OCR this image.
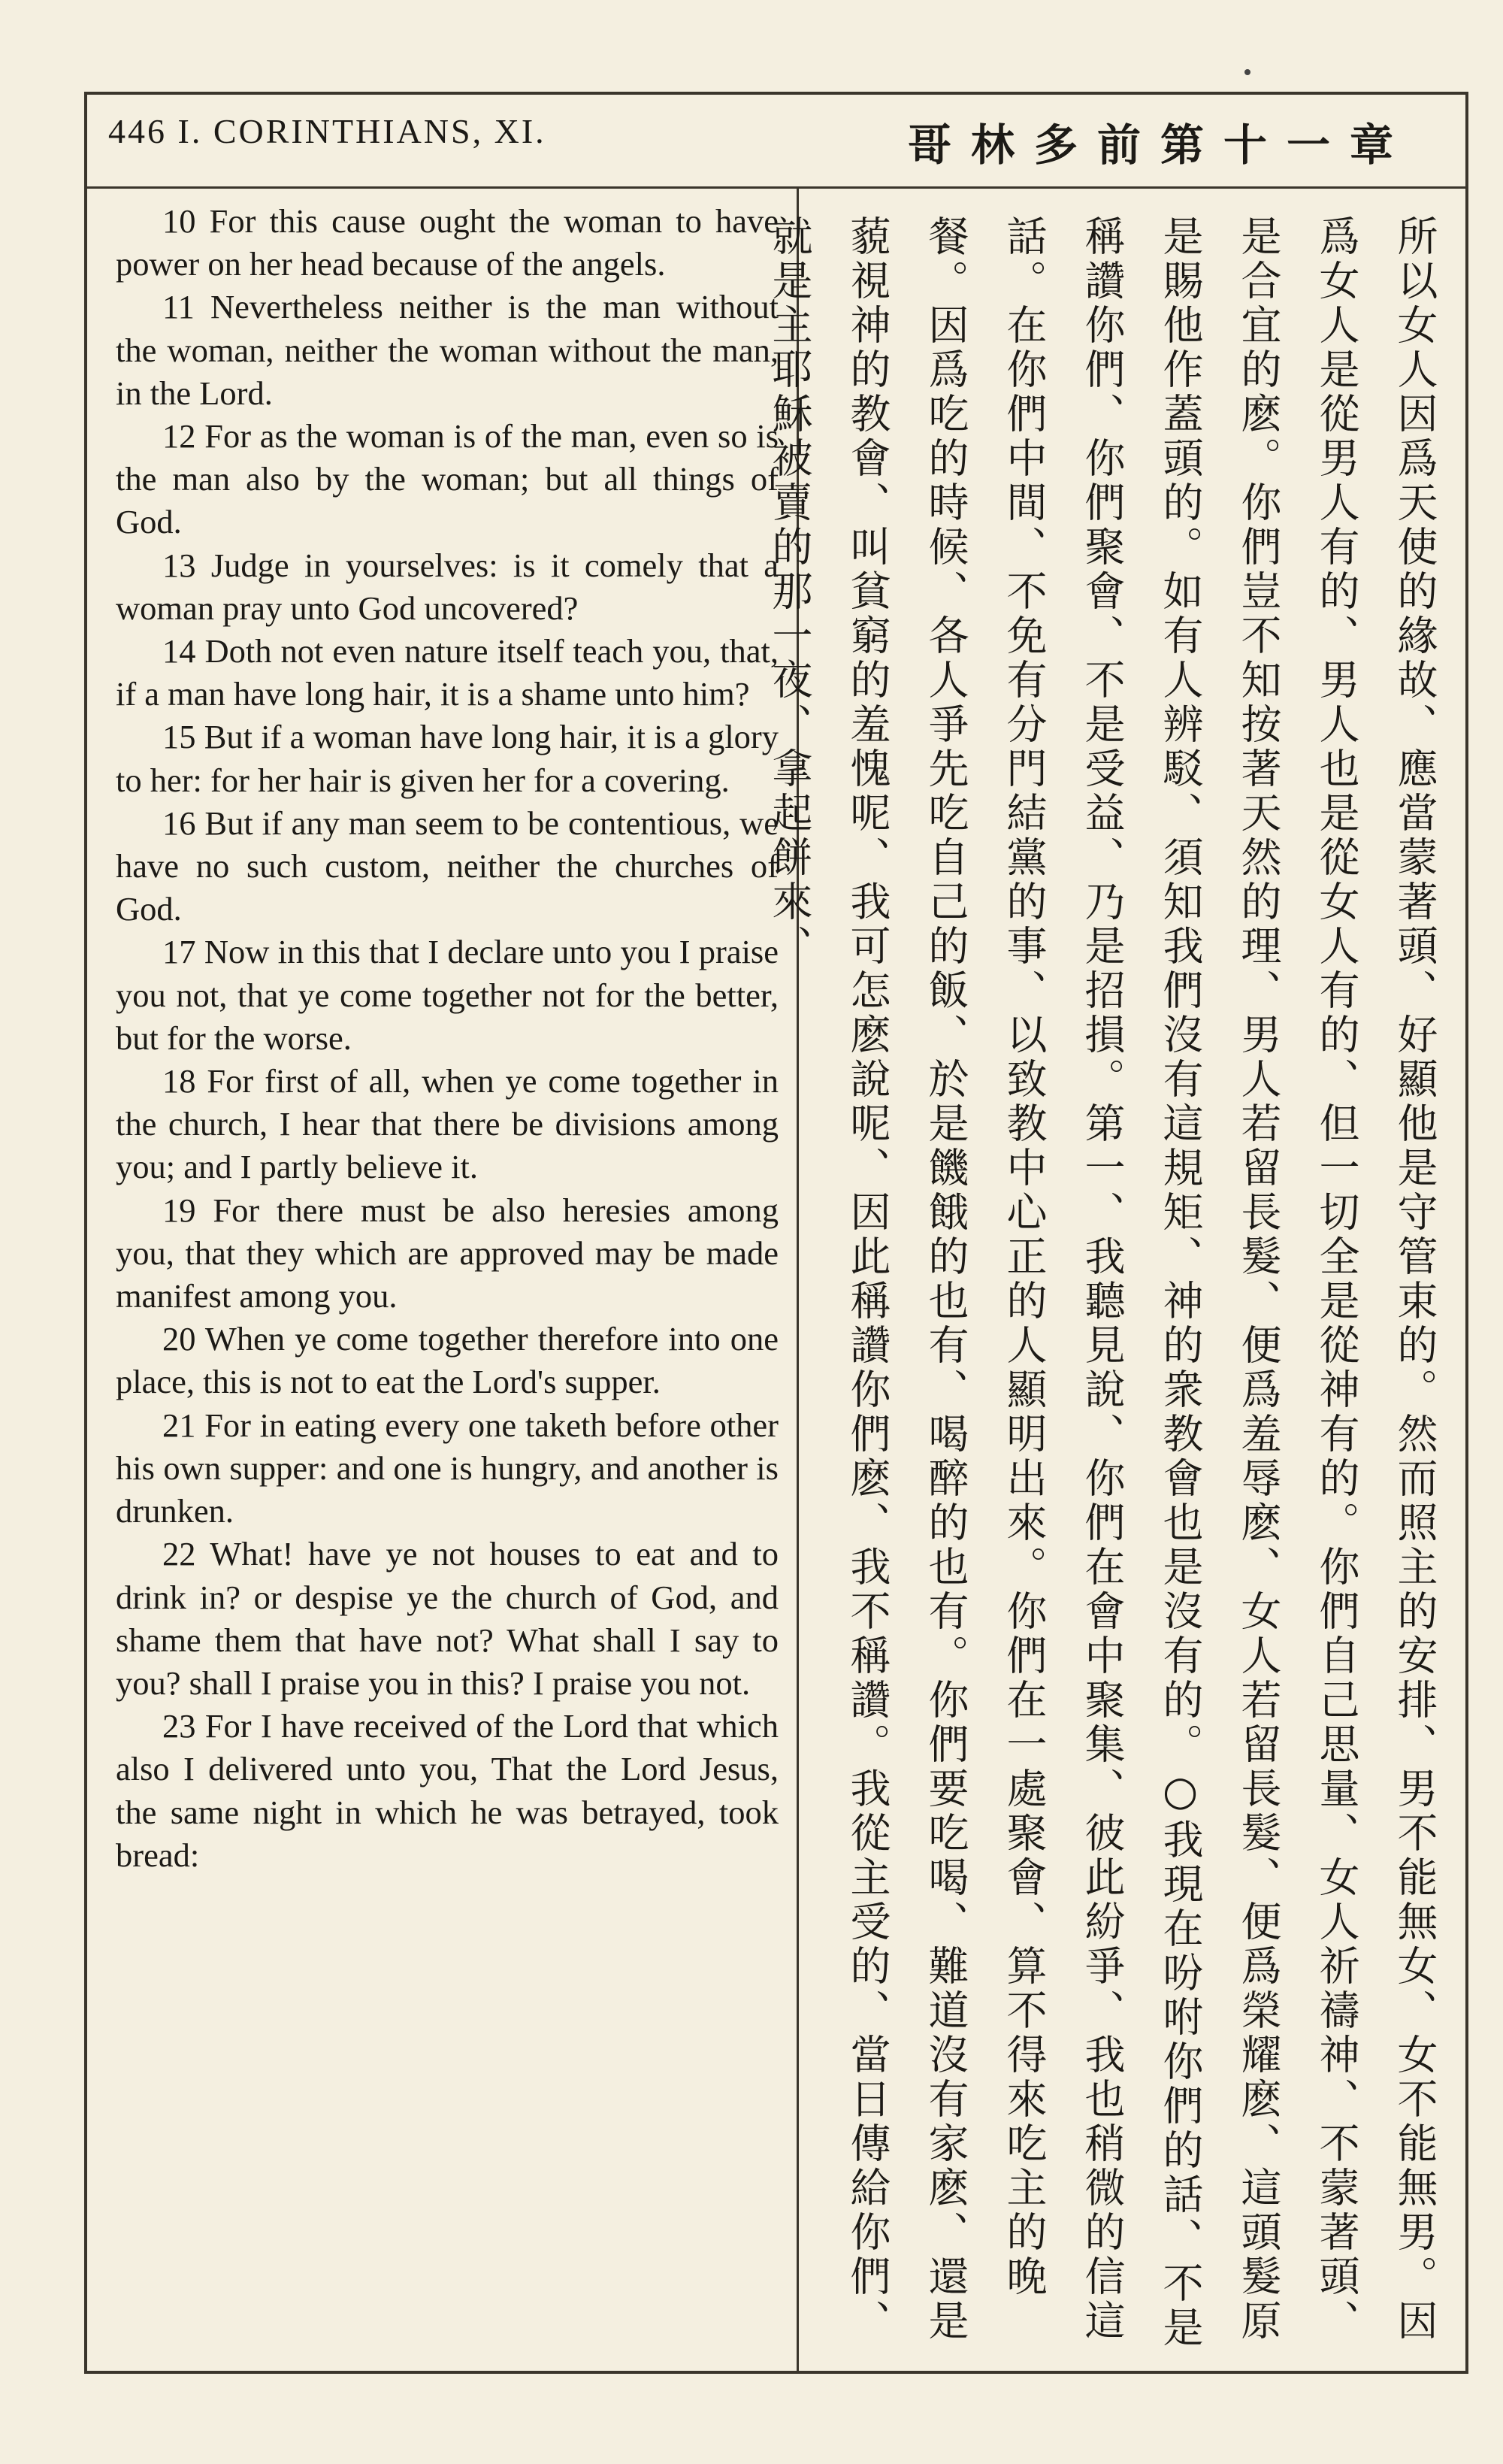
446 I. CORINTHIANS, XI.	哥林多前第十一章

10 For this cause ought the woman to have power on her head because of the angels.

11 Nevertheless neither is the man without the woman, neither the woman without the man, in the Lord.

12 For as the woman is of the man, even so is the man also by the woman; but all things of God.

13 Judge in yourselves: is it comely that a woman pray unto God uncovered?

14 Doth not even nature itself teach you, that, if a man have long hair, it is a shame unto him?

15 But if a woman have long hair, it is a glory to her: for her hair is given her for a covering.

16 But if any man seem to be contentious, we have no such custom, neither the churches of God.

17 Now in this that I declare unto you I praise you not, that ye come together not for the better, but for the worse.

18 For first of all, when ye come together in the church, I hear that there be divisions among you; and I partly believe it.

19 For there must be also heresies among you, that they which are approved may be made manifest among you.

20 When ye come together therefore into one place, this is not to eat the Lord's supper.

21 For in eating every one taketh before other his own supper: and one is hungry, and another is drunken.

22 What! have ye not houses to eat and to drink in? or despise ye the church of God, and shame them that have not? What shall I say to you? shall I praise you in this? I praise you not.

23 For I have received of the Lord that which also I delivered unto you, That the Lord Jesus, the same night in which he was betrayed, took bread:	所以女人因爲天使的緣故、應當蒙著頭、好顯他是守管束的。然而照主的安排、男不能無女、女不能無男。因爲女人是從男人有的、男人也是從女人有的、但一切全是從神有的。你們自己思量、女人祈禱神、不蒙著頭、是合宜的麽。你們豈不知按著天然的理、男人若留長髮、便爲羞辱麽、女人若留長髮、便爲榮耀麽、這頭髮原是賜他作蓋頭的。如有人辨駁、須知我們沒有這規矩、神的衆教會也是沒有的。○我現在吩咐你們的話、不是稱讚你們、你們聚會、不是受益、乃是招損。第一、我聽見說、你們在會中聚集、彼此紛爭、我也稍微的信這話。在你們中間、不免有分門結黨的事、以致教中心正的人顯明出來。你們在一處聚會、算不得來吃主的晚餐。因爲吃的時候、各人爭先吃自己的飯、於是饑餓的也有、喝醉的也有。你們要吃喝、難道沒有家麽、還是藐視神的教會、叫貧窮的羞愧呢、我可怎麽說呢、因此稱讚你們麽、我不稱讚。我從主受的、當日傳給你們、就是主耶穌被賣的那一夜、拿起餅來、
